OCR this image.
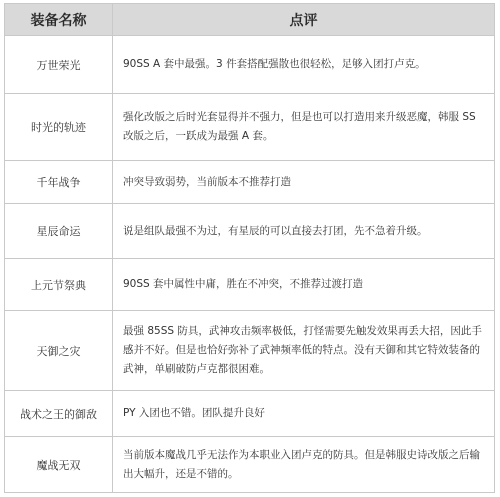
装备名称	点评
万世荣光	90SS A 套中最强。3 件套搭配强散也很轻松，足够入团打卢克。
时光的轨迹	强化改版之后时光套显得并不强力，但是也可以打造用来升级恶魔，韩服 SS 改版之后，一跃成为最强 A 套。
千年战争	冲突导致弱势，当前版本不推荐打造
星辰命运	说是组队最强不为过，有星辰的可以直接去打团，先不急着升级。
上元节祭典	90SS 套中属性中庸，胜在不冲突，不推荐过渡打造
天御之灾	最强 85SS 防具，武神攻击频率极低，打怪需要先触发效果再丢大招，因此手感并不好。但是也恰好弥补了武神频率低的特点。没有天御和其它特效装备的武神，单刷破防卢克都很困难。
战术之王的御敌	PY 入团也不错。团队提升良好
魔战无双	当前版本魔战几乎无法作为本职业入团卢克的防具。但是韩服史诗改版之后输出大幅升，还是不错的。
